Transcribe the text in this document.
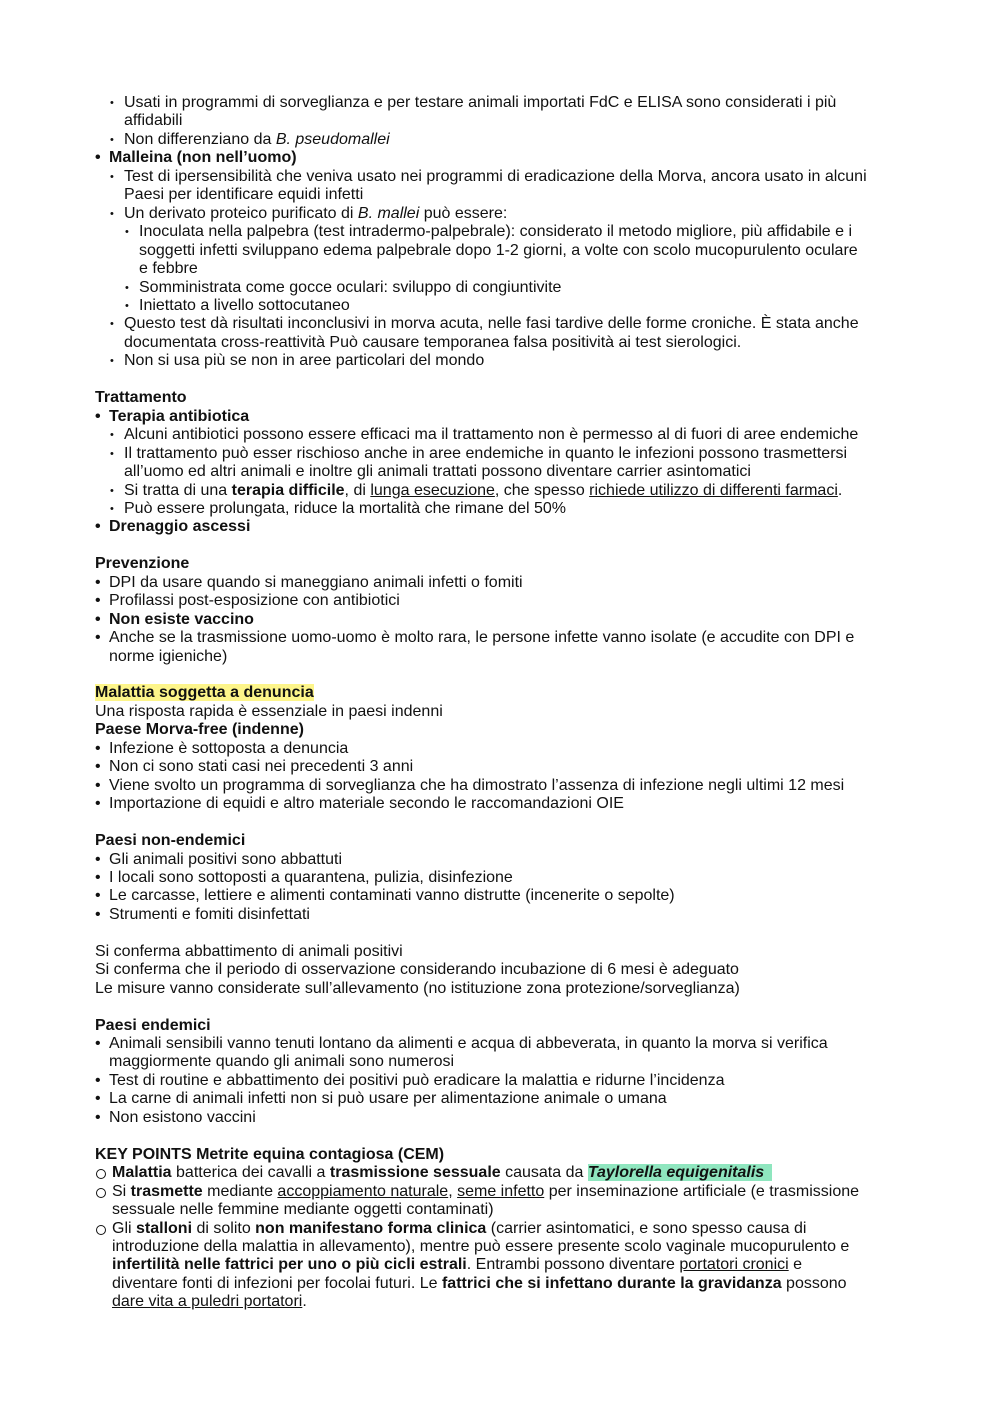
• Usati in programmi di sorveglianza e per testare animali importati FdC e ELISA sono considerati i più
affidabili
• Non differenziano da B. pseudomallei
• Malleina (non nell’uomo)
• Test di ipersensibilità che veniva usato nei programmi di eradicazione della Morva, ancora usato in alcuni
Paesi per identificare equidi infetti
• Un derivato proteico purificato di B. mallei può essere:
• Inoculata nella palpebra (test intradermo-palpebrale): considerato il metodo migliore, più affidabile e i
soggetti infetti sviluppano edema palpebrale dopo 1-2 giorni, a volte con scolo mucopurulento oculare
e febbre
• Somministrata come gocce oculari: sviluppo di congiuntivite
• Iniettato a livello sottocutaneo
• Questo test dà risultati inconclusivi in morva acuta, nelle fasi tardive delle forme croniche. È stata anche
documentata cross-reattività Può causare temporanea falsa positività ai test sierologici.
• Non si usa più se non in aree particolari del mondo
Trattamento
• Terapia antibiotica
• Alcuni antibiotici possono essere efficaci ma il trattamento non è permesso al di fuori di aree endemiche
• Il trattamento può esser rischioso anche in aree endemiche in quanto le infezioni possono trasmettersi
all’uomo ed altri animali e inoltre gli animali trattati possono diventare carrier asintomatici
• Si tratta di una terapia difficile, di lunga esecuzione, che spesso richiede utilizzo di differenti farmaci.
• Può essere prolungata, riduce la mortalità che rimane del 50%
• Drenaggio ascessi
Prevenzione
• DPI da usare quando si maneggiano animali infetti o fomiti
• Profilassi post-esposizione con antibiotici
• Non esiste vaccino
• Anche se la trasmissione uomo-uomo è molto rara, le persone infette vanno isolate (e accudite con DPI e
norme igieniche)
Malattia soggetta a denuncia
Una risposta rapida è essenziale in paesi indenni
Paese Morva-free (indenne)
• Infezione è sottoposta a denuncia
• Non ci sono stati casi nei precedenti 3 anni
• Viene svolto un programma di sorveglianza che ha dimostrato l’assenza di infezione negli ultimi 12 mesi
• Importazione di equidi e altro materiale secondo le raccomandazioni OIE
Paesi non-endemici
• Gli animali positivi sono abbattuti
• I locali sono sottoposti a quarantena, pulizia, disinfezione
• Le carcasse, lettiere e alimenti contaminati vanno distrutte (incenerite o sepolte)
• Strumenti e fomiti disinfettati
Si conferma abbattimento di animali positivi
Si conferma che il periodo di osservazione considerando incubazione di 6 mesi è adeguato
Le misure vanno considerate sull’allevamento (no istituzione zona protezione/sorveglianza)
Paesi endemici
• Animali sensibili vanno tenuti lontano da alimenti e acqua di abbeverata, in quanto la morva si verifica
maggiormente quando gli animali sono numerosi
• Test di routine e abbattimento dei positivi può eradicare la malattia e ridurne l’incidenza
• La carne di animali infetti non si può usare per alimentazione animale o umana
• Non esistono vaccini
KEY POINTS Metrite equina contagiosa (CEM)
Malattia batterica dei cavalli a trasmissione sessuale causata da Taylorella equigenitalis
Si trasmette mediante accoppiamento naturale, seme infetto per inseminazione artificiale (e trasmissione
sessuale nelle femmine mediante oggetti contaminati)
Gli stalloni di solito non manifestano forma clinica (carrier asintomatici, e sono spesso causa di
introduzione della malattia in allevamento), mentre può essere presente scolo vaginale mucopurulento e
infertilità nelle fattrici per uno o più cicli estrali. Entrambi possono diventare portatori cronici e
diventare fonti di infezioni per focolai futuri. Le fattrici che si infettano durante la gravidanza possono
dare vita a puledri portatori.
